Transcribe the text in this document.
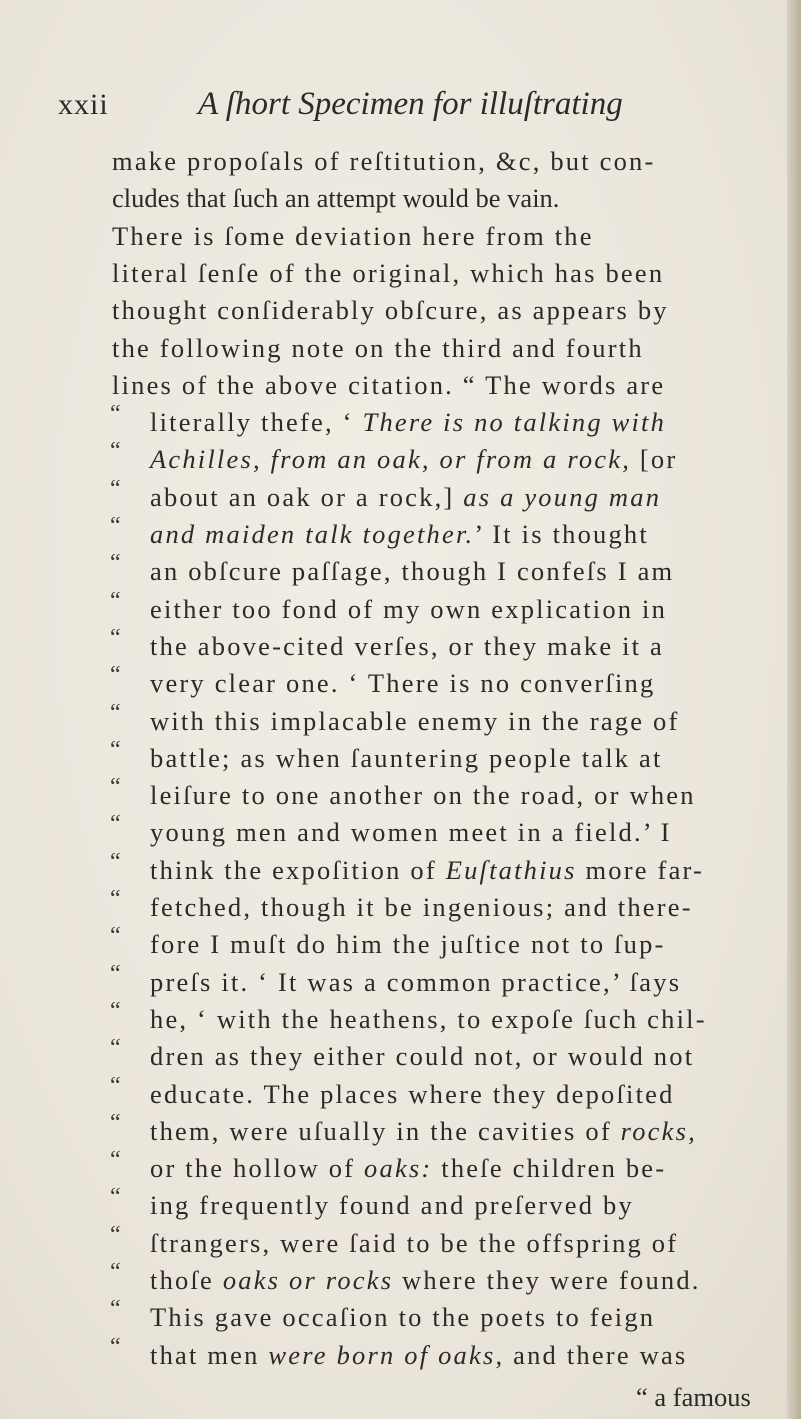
xxii	A ſhort Specimen for illuſtrating
make propoſals of reſtitution, &c, but con-
cludes that ſuch an attempt would be vain.
There is ſome deviation here from the
literal ſenſe of the original, which has been
thought conſiderably obſcure, as appears by
the following note on the third and fourth
lines of the above citation. “ The words are
“	literally thefe, ‘ There is no talking with
“	Achilles, from an oak, or from a rock, [or
“	about an oak or a rock,] as a young man
“	and maiden talk together.’ It is thought
“	an obſcure paſſage, though I confeſs I am
“	either too fond of my own explication in
“	the above-cited verſes, or they make it a
“	very clear one. ‘ There is no converſing
“	with this implacable enemy in the rage of
“	battle; as when ſauntering people talk at
“	leiſure to one another on the road, or when
“	young men and women meet in a field.’ I
“	think the expoſition of Euſtathius more far-
“	fetched, though it be ingenious; and there-
“	fore I muſt do him the juſtice not to ſup-
“	preſs it. ‘ It was a common practice,’ ſays
“	he, ‘ with the heathens, to expoſe ſuch chil-
“	dren as they either could not, or would not
“	educate. The places where they depoſited
“	them, were uſually in the cavities of rocks,
“	or the hollow of oaks: theſe children be-
“	ing frequently found and preſerved by
“	ſtrangers, were ſaid to be the offspring of
“	thoſe oaks or rocks where they were found.
“	This gave occaſion to the poets to feign
“	that men were born of oaks, and there was
“ a famous
